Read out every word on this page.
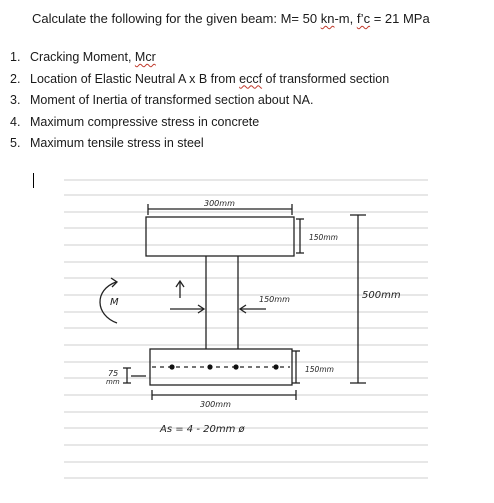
Calculate the following for the given beam: M= 50 kn-m, f’c = 21 MPa
1. Cracking Moment, Mcr
2. Location of Elastic Neutral A x B from eccf of transformed section
3. Moment of Inertia of transformed section about NA.
4. Maximum compressive stress in concrete
5. Maximum tensile stress in steel
300mm
150mm
150mm	500mm
M
150mm
75
mm
300mm
As = 4 - 20mm ø
